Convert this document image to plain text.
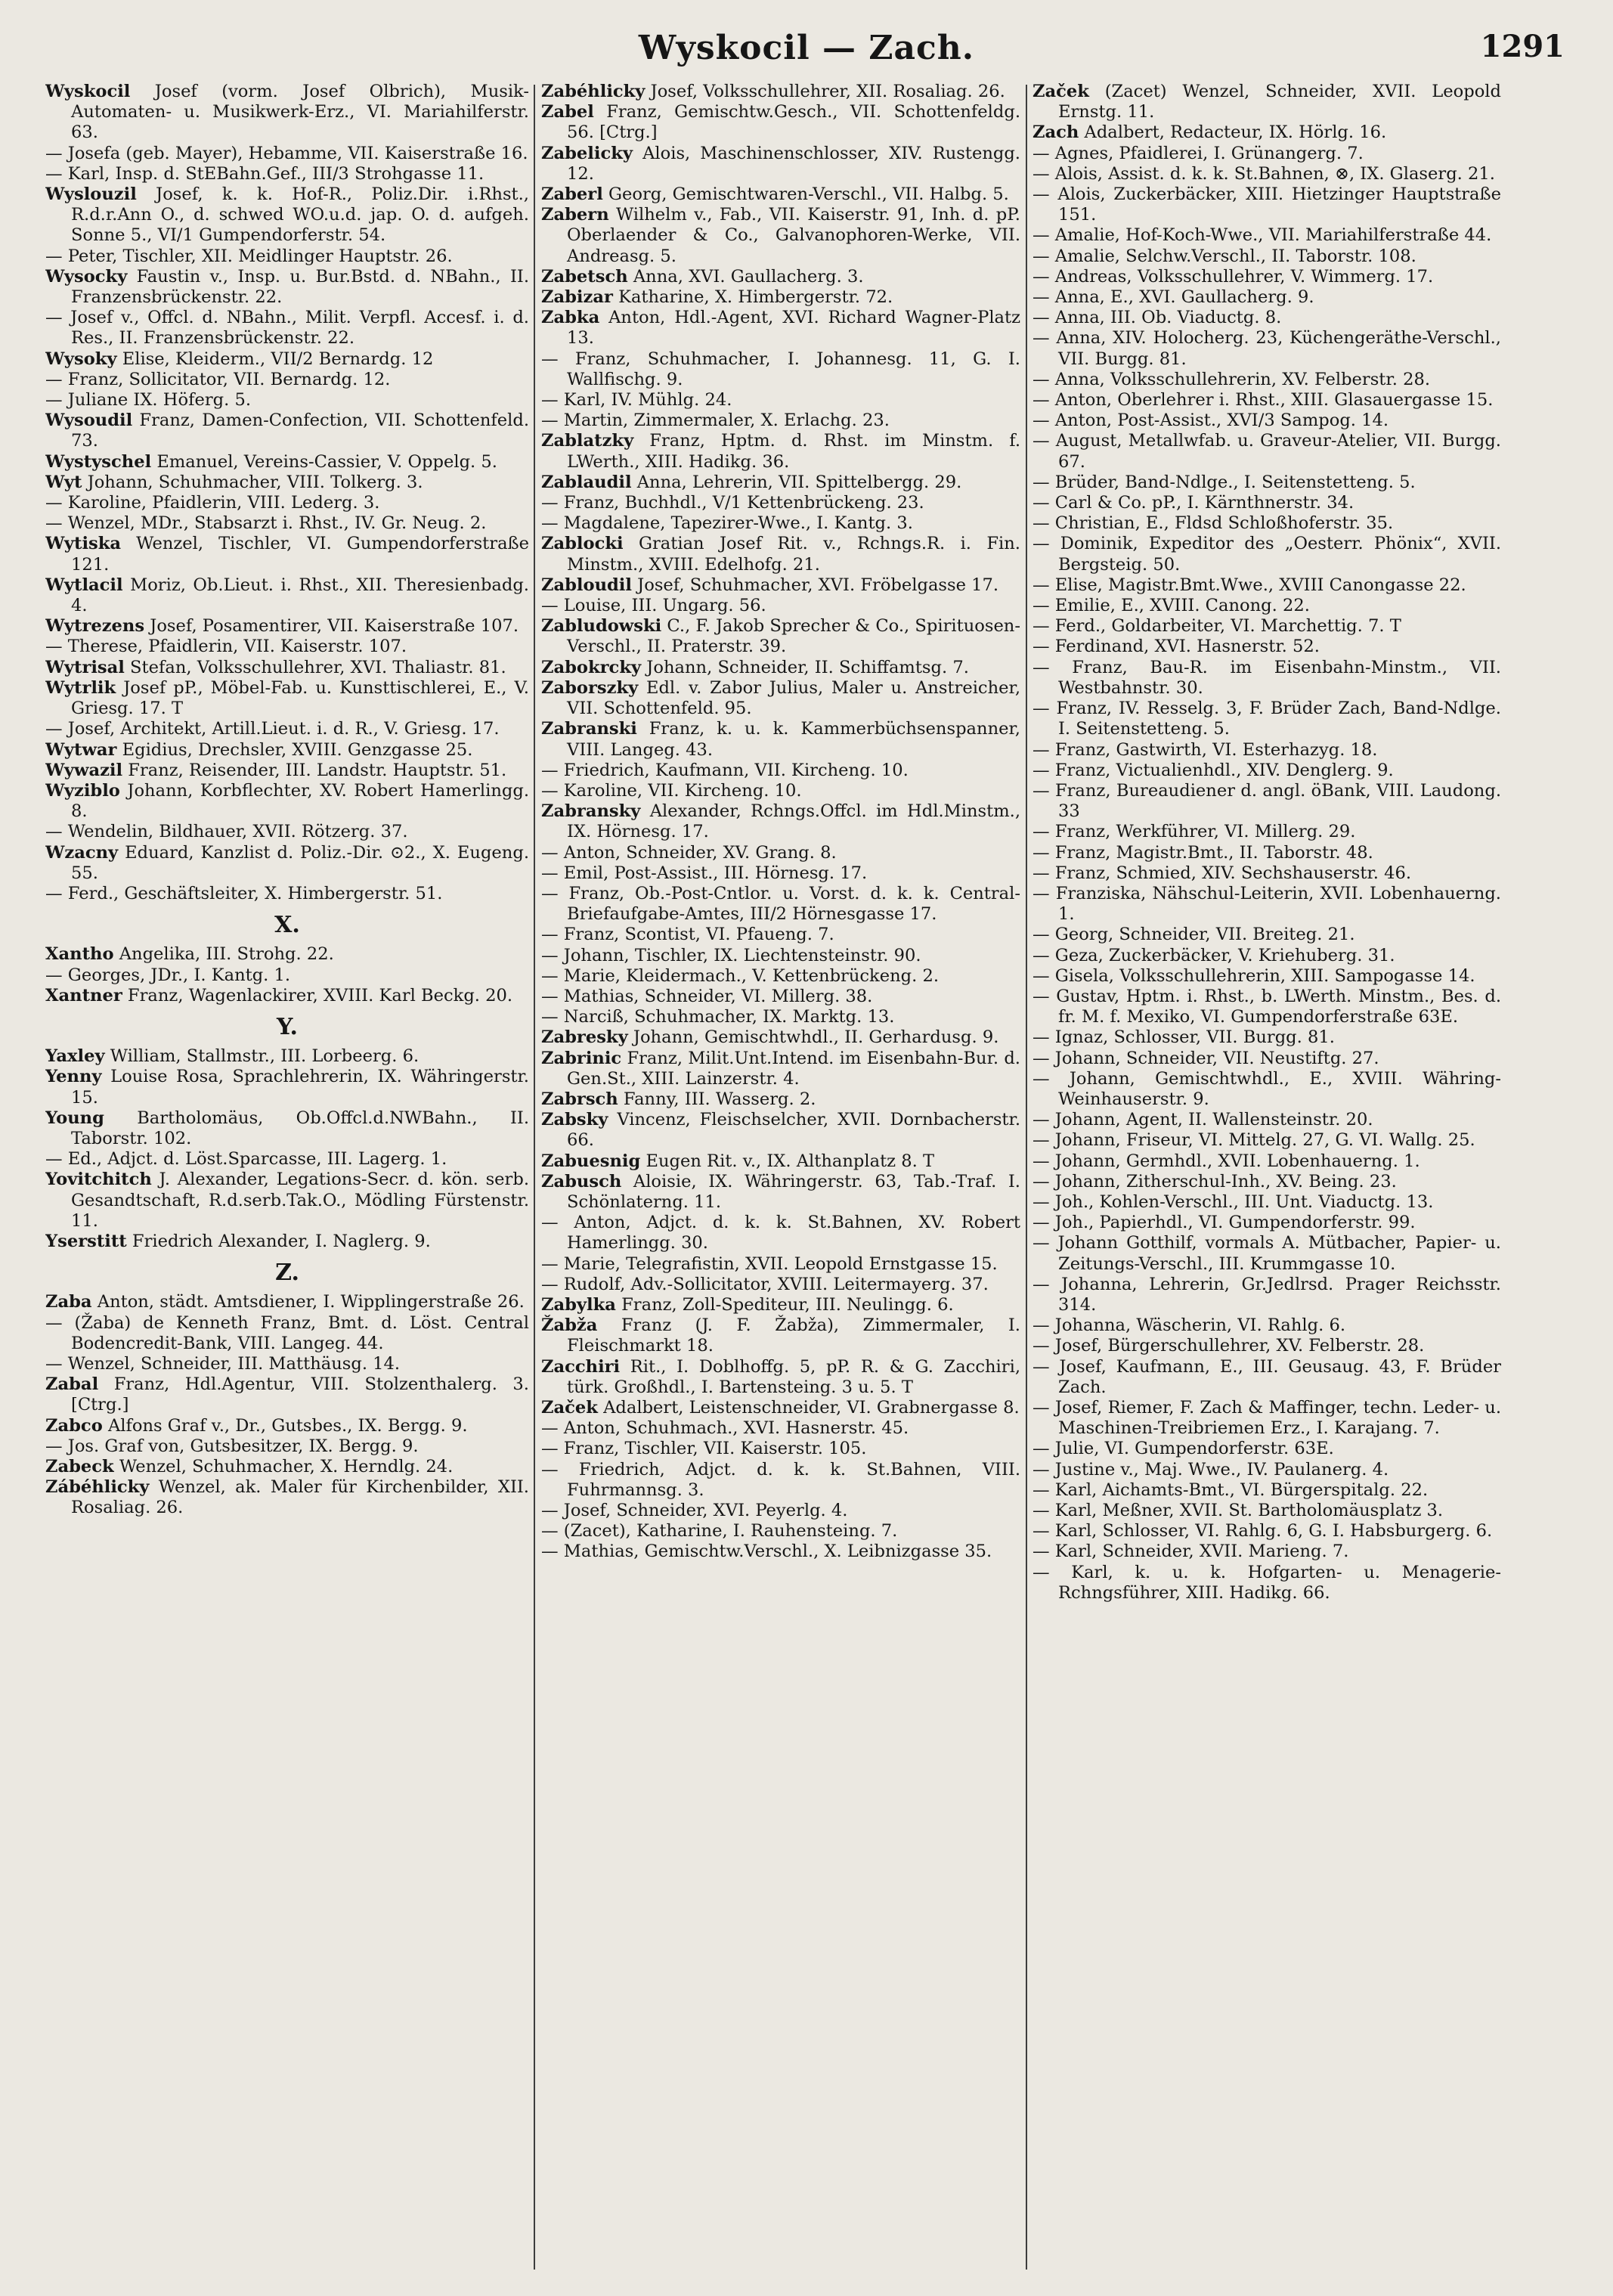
Wyskocil — Zach.	1291

Wyskocil Josef (vorm. Josef Olbrich), Musik-Automaten- u. Musikwerk-Erz., VI. Mariahilferstr. 63.

— Josefa (geb. Mayer), Hebamme, VII. Kaiserstraße 16.

— Karl, Insp. d. StEBahn.Gef., III/3 Strohgasse 11.

Wyslouzil Josef, k. k. Hof-R., Poliz.Dir. i.Rhst., R.d.r.Ann O., d. schwed WO.u.d. jap. O. d. aufgeh. Sonne 5., VI/1 Gumpendorferstr. 54.

— Peter, Tischler, XII. Meidlinger Hauptstr. 26.

Wysocky Faustin v., Insp. u. Bur.Bstd. d. NBahn., II. Franzensbrückenstr. 22.

— Josef v., Offcl. d. NBahn., Milit. Verpfl. Accesf. i. d. Res., II. Franzensbrückenstr. 22.

Wysoky Elise, Kleiderm., VII/2 Bernardg. 12

— Franz, Sollicitator, VII. Bernardg. 12.

— Juliane IX. Höferg. 5.

Wysoudil Franz, Damen-Confection, VII. Schottenfeld. 73.

Wystyschel Emanuel, Vereins-Cassier, V. Oppelg. 5.

Wyt Johann, Schuhmacher, VIII. Tolkerg. 3.

— Karoline, Pfaidlerin, VIII. Lederg. 3.

— Wenzel, MDr., Stabsarzt i. Rhst., IV. Gr. Neug. 2.

Wytiska Wenzel, Tischler, VI. Gumpendorferstraße 121.

Wytlacil Moriz, Ob.Lieut. i. Rhst., XII. Theresienbadg. 4.

Wytrezens Josef, Posamentirer, VII. Kaiserstraße 107.

— Therese, Pfaidlerin, VII. Kaiserstr. 107.

Wytrisal Stefan, Volksschullehrer, XVI. Thaliastr. 81.

Wytrlik Josef pP., Möbel-Fab. u. Kunsttischlerei, E., V. Griesg. 17. T

— Josef, Architekt, Artill.Lieut. i. d. R., V. Griesg. 17.

Wytwar Egidius, Drechsler, XVIII. Genzgasse 25.

Wywazil Franz, Reisender, III. Landstr. Hauptstr. 51.

Wyziblo Johann, Korbflechter, XV. Robert Hamerlingg. 8.

— Wendelin, Bildhauer, XVII. Rötzerg. 37.

Wzacny Eduard, Kanzlist d. Poliz.-Dir. ⊙2., X. Eugeng. 55.

— Ferd., Geschäftsleiter, X. Himbergerstr. 51.

X.

Xantho Angelika, III. Strohg. 22.

— Georges, JDr., I. Kantg. 1.

Xantner Franz, Wagenlackirer, XVIII. Karl Beckg. 20.

Y.

Yaxley William, Stallmstr., III. Lorbeerg. 6.

Yenny Louise Rosa, Sprachlehrerin, IX. Währingerstr. 15.

Young Bartholomäus, Ob.Offcl.d.NWBahn., II. Taborstr. 102.

— Ed., Adjct. d. Löst.Sparcasse, III. Lagerg. 1.

Yovitchitch J. Alexander, Legations-Secr. d. kön. serb. Gesandtschaft, R.d.serb.Tak.O., Mödling Fürstenstr. 11.

Yserstitt Friedrich Alexander, I. Naglerg. 9.

Z.

Zaba Anton, städt. Amtsdiener, I. Wipplingerstraße 26.

— (Žaba) de Kenneth Franz, Bmt. d. Löst. Central Bodencredit-Bank, VIII. Langeg. 44.

— Wenzel, Schneider, III. Matthäusg. 14.

Zabal Franz, Hdl.Agentur, VIII. Stolzenthalerg. 3. [Ctrg.]

Zabco Alfons Graf v., Dr., Gutsbes., IX. Bergg. 9.

— Jos. Graf von, Gutsbesitzer, IX. Bergg. 9.

Zabeck Wenzel, Schuhmacher, X. Herndlg. 24.

Zábéhlicky Wenzel, ak. Maler für Kirchenbilder, XII. Rosaliag. 26.

Zabéhlicky Josef, Volksschullehrer, XII. Rosaliag. 26.

Zabel Franz, Gemischtw.Gesch., VII. Schottenfeldg. 56. [Ctrg.]

Zabelicky Alois, Maschinenschlosser, XIV. Rustengg. 12.

Zaberl Georg, Gemischtwaren-Verschl., VII. Halbg. 5.

Zabern Wilhelm v., Fab., VII. Kaiserstr. 91, Inh. d. pP. Oberlaender & Co., Galvanophoren-Werke, VII. Andreasg. 5.

Zabetsch Anna, XVI. Gaullacherg. 3.

Zabizar Katharine, X. Himbergerstr. 72.

Zabka Anton, Hdl.-Agent, XVI. Richard Wagner-Platz 13.

— Franz, Schuhmacher, I. Johannesg. 11, G. I. Wallfischg. 9.

— Karl, IV. Mühlg. 24.

— Martin, Zimmermaler, X. Erlachg. 23.

Zablatzky Franz, Hptm. d. Rhst. im Minstm. f. LWerth., XIII. Hadikg. 36.

Zablaudil Anna, Lehrerin, VII. Spittelbergg. 29.

— Franz, Buchhdl., V/1 Kettenbrückeng. 23.

— Magdalene, Tapezirer-Wwe., I. Kantg. 3.

Zablocki Gratian Josef Rit. v., Rchngs.R. i. Fin. Minstm., XVIII. Edelhofg. 21.

Zabloudil Josef, Schuhmacher, XVI. Fröbelgasse 17.

— Louise, III. Ungarg. 56.

Zabludowski C., F. Jakob Sprecher & Co., Spirituosen-Verschl., II. Praterstr. 39.

Zabokrcky Johann, Schneider, II. Schiffamtsg. 7.

Zaborszky Edl. v. Zabor Julius, Maler u. Anstreicher, VII. Schottenfeld. 95.

Zabranski Franz, k. u. k. Kammerbüchsenspanner, VIII. Langeg. 43.

— Friedrich, Kaufmann, VII. Kircheng. 10.

— Karoline, VII. Kircheng. 10.

Zabransky Alexander, Rchngs.Offcl. im Hdl.Minstm., IX. Hörnesg. 17.

— Anton, Schneider, XV. Grang. 8.

— Emil, Post-Assist., III. Hörnesg. 17.

— Franz, Ob.-Post-Cntlor. u. Vorst. d. k. k. Central-Briefaufgabe-Amtes, III/2 Hörnesgasse 17.

— Franz, Scontist, VI. Pfaueng. 7.

— Johann, Tischler, IX. Liechtensteinstr. 90.

— Marie, Kleidermach., V. Kettenbrückeng. 2.

— Mathias, Schneider, VI. Millerg. 38.

— Narciß, Schuhmacher, IX. Marktg. 13.

Zabresky Johann, Gemischtwhdl., II. Gerhardusg. 9.

Zabrinic Franz, Milit.Unt.Intend. im Eisenbahn-Bur. d. Gen.St., XIII. Lainzerstr. 4.

Zabrsch Fanny, III. Wasserg. 2.

Zabsky Vincenz, Fleischselcher, XVII. Dornbacherstr. 66.

Zabuesnig Eugen Rit. v., IX. Althanplatz 8. T

Zabusch Aloisie, IX. Währingerstr. 63, Tab.-Traf. I. Schönlaterng. 11.

— Anton, Adjct. d. k. k. St.Bahnen, XV. Robert Hamerlingg. 30.

— Marie, Telegrafistin, XVII. Leopold Ernstgasse 15.

— Rudolf, Adv.-Sollicitator, XVIII. Leitermayerg. 37.

Zabylka Franz, Zoll-Spediteur, III. Neulingg. 6.

Žabža Franz (J. F. Žabža), Zimmermaler, I. Fleischmarkt 18.

Zacchiri Rit., I. Doblhoffg. 5, pP. R. & G. Zacchiri, türk. Großhdl., I. Bartensteing. 3 u. 5. T

Začek Adalbert, Leistenschneider, VI. Grabnergasse 8.

— Anton, Schuhmach., XVI. Hasnerstr. 45.

— Franz, Tischler, VII. Kaiserstr. 105.

— Friedrich, Adjct. d. k. k. St.Bahnen, VIII. Fuhrmannsg. 3.

— Josef, Schneider, XVI. Peyerlg. 4.

— (Zacet), Katharine, I. Rauhensteing. 7.

— Mathias, Gemischtw.Verschl., X. Leibnizgasse 35.

Začek (Zacet) Wenzel, Schneider, XVII. Leopold Ernstg. 11.

Zach Adalbert, Redacteur, IX. Hörlg. 16.

— Agnes, Pfaidlerei, I. Grünangerg. 7.

— Alois, Assist. d. k. k. St.Bahnen, ⊗, IX. Glaserg. 21.

— Alois, Zuckerbäcker, XIII. Hietzinger Hauptstraße 151.

— Amalie, Hof-Koch-Wwe., VII. Mariahilferstraße 44.

— Amalie, Selchw.Verschl., II. Taborstr. 108.

— Andreas, Volksschullehrer, V. Wimmerg. 17.

— Anna, E., XVI. Gaullacherg. 9.

— Anna, III. Ob. Viaductg. 8.

— Anna, XIV. Holocherg. 23, Küchengeräthe-Verschl., VII. Burgg. 81.

— Anna, Volksschullehrerin, XV. Felberstr. 28.

— Anton, Oberlehrer i. Rhst., XIII. Glasauergasse 15.

— Anton, Post-Assist., XVI/3 Sampog. 14.

— August, Metallwfab. u. Graveur-Atelier, VII. Burgg. 67.

— Brüder, Band-Ndlge., I. Seitenstetteng. 5.

— Carl & Co. pP., I. Kärnthnerstr. 34.

— Christian, E., Fldsd Schloßhoferstr. 35.

— Dominik, Expeditor des „Oesterr. Phönix“, XVII. Bergsteig. 50.

— Elise, Magistr.Bmt.Wwe., XVIII Canongasse 22.

— Emilie, E., XVIII. Canong. 22.

— Ferd., Goldarbeiter, VI. Marchettig. 7. T

— Ferdinand, XVI. Hasnerstr. 52.

— Franz, Bau-R. im Eisenbahn-Minstm., VII. Westbahnstr. 30.

— Franz, IV. Resselg. 3, F. Brüder Zach, Band-Ndlge. I. Seitenstetteng. 5.

— Franz, Gastwirth, VI. Esterhazyg. 18.

— Franz, Victualienhdl., XIV. Denglerg. 9.

— Franz, Bureaudiener d. angl. öBank, VIII. Laudong. 33

— Franz, Werkführer, VI. Millerg. 29.

— Franz, Magistr.Bmt., II. Taborstr. 48.

— Franz, Schmied, XIV. Sechshauserstr. 46.

— Franziska, Nähschul-Leiterin, XVII. Lobenhauerng. 1.

— Georg, Schneider, VII. Breiteg. 21.

— Geza, Zuckerbäcker, V. Kriehuberg. 31.

— Gisela, Volksschullehrerin, XIII. Sampogasse 14.

— Gustav, Hptm. i. Rhst., b. LWerth. Minstm., Bes. d. fr. M. f. Mexiko, VI. Gumpendorferstraße 63E.

— Ignaz, Schlosser, VII. Burgg. 81.

— Johann, Schneider, VII. Neustiftg. 27.

— Johann, Gemischtwhdl., E., XVIII. Währing-Weinhauserstr. 9.

— Johann, Agent, II. Wallensteinstr. 20.

— Johann, Friseur, VI. Mittelg. 27, G. VI. Wallg. 25.

— Johann, Germhdl., XVII. Lobenhauerng. 1.

— Johann, Zitherschul-Inh., XV. Being. 23.

— Joh., Kohlen-Verschl., III. Unt. Viaductg. 13.

— Joh., Papierhdl., VI. Gumpendorferstr. 99.

— Johann Gotthilf, vormals A. Mütbacher, Papier- u. Zeitungs-Verschl., III. Krummgasse 10.

— Johanna, Lehrerin, Gr.Jedlrsd. Prager Reichsstr. 314.

— Johanna, Wäscherin, VI. Rahlg. 6.

— Josef, Bürgerschullehrer, XV. Felberstr. 28.

— Josef, Kaufmann, E., III. Geusaug. 43, F. Brüder Zach.

— Josef, Riemer, F. Zach & Maffinger, techn. Leder- u. Maschinen-Treibriemen Erz., I. Karajang. 7.

— Julie, VI. Gumpendorferstr. 63E.

— Justine v., Maj. Wwe., IV. Paulanerg. 4.

— Karl, Aichamts-Bmt., VI. Bürgerspitalg. 22.

— Karl, Meßner, XVII. St. Bartholomäusplatz 3.

— Karl, Schlosser, VI. Rahlg. 6, G. I. Habsburgerg. 6.

— Karl, Schneider, XVII. Marieng. 7.

— Karl, k. u. k. Hofgarten- u. Menagerie-Rchngsführer, XIII. Hadikg. 66.
